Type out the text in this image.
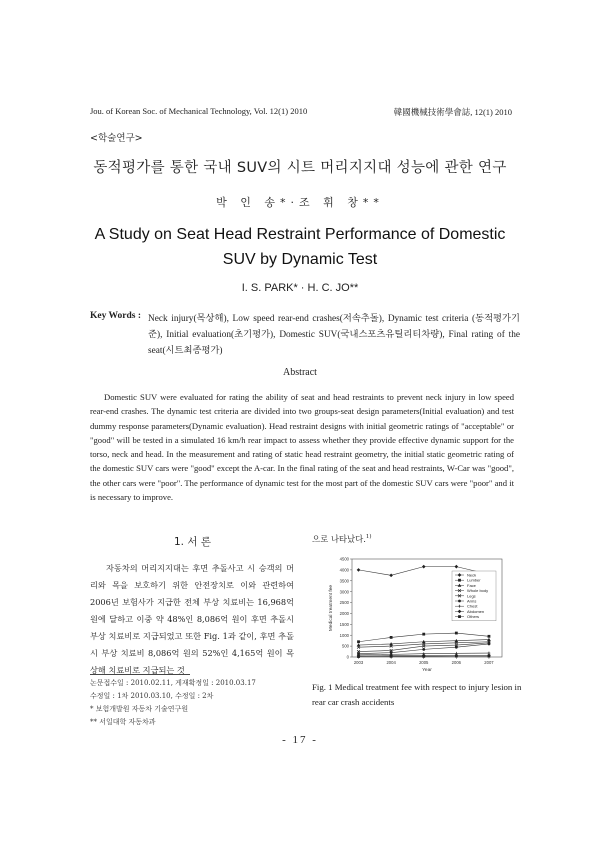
Jou. of Korean Soc. of Mechanical Technology, Vol. 12(1) 2010	韓國機械技術學會誌, 12(1) 2010
<학술연구>
동적평가를 통한 국내 SUV의 시트 머리지지대 성능에 관한 연구
박 인 송*·조 휘 창**
A Study on Seat Head Restraint Performance of Domestic
SUV by Dynamic Test
I. S. PARK* · H. C. JO**
Key Words : Neck injury(목상해), Low speed rear-end crashes(저속추돌), Dynamic test criteria (동적평가기준), Initial evaluation(초기평가), Domestic SUV(국내스포츠유틸리티차량), Final rating of the seat(시트최종평가)
Abstract
Domestic SUV were evaluated for rating the ability of seat and head restraints to prevent neck injury in low speed rear-end crashes. The dynamic test criteria are divided into two groups-seat design parameters(Initial evaluation) and test dummy response parameters(Dynamic evaluation). Head restraint designs with initial geometric ratings of "acceptable" or "good" will be tested in a simulated 16 km/h rear impact to assess whether they provide effective dynamic support for the torso, neck and head. In the measurement and rating of static head restraint geometry, the initial static geometric rating of the domestic SUV cars were "good" except the A-car. In the final rating of the seat and head restraints, W-Car was "good", the other cars were "poor". The performance of dynamic test for the most part of the domestic SUV cars were "poor" and it is necessary to improve.
1. 서 론
자동차의 머리지지대는 후면 추돌사고 시 승객의 머리와 목을 보호하기 위한 안전장치로 이와 관련하여 2006년 보험사가 지급한 전체 부상 치료비는 16,968억 원에 달하고 이중 약 48%인 8,086억 원이 후면 추돌시 부상 치료비로 지급되었고 또한 Fig. 1과 같이, 후면 추돌시 부상 치료비 8,086억 원의 52%인 4,165억 원이 목 상해 치료비로 지급되는 것
논문접수일 : 2010.02.11, 게재확정일 : 2010.03.17
수정일 : 1차 2010.03.10, 수정일 : 2차
* 보험개발원 자동차 기술연구원
** 서일대학 자동차과
으로 나타났다.$^{1)}$
0
500
1000
1500
2000
2500
3000
3500
4000
4500
2003	2004	2005	2006	2007
Year
Medical treatment fee
Neck
Lumber
Face
Whole body
Legs
Arms
Chest
Abdomen
Others
Fig. 1 Medical treatment fee with respect to injury lesion in rear car crash accidents
- 17 -
